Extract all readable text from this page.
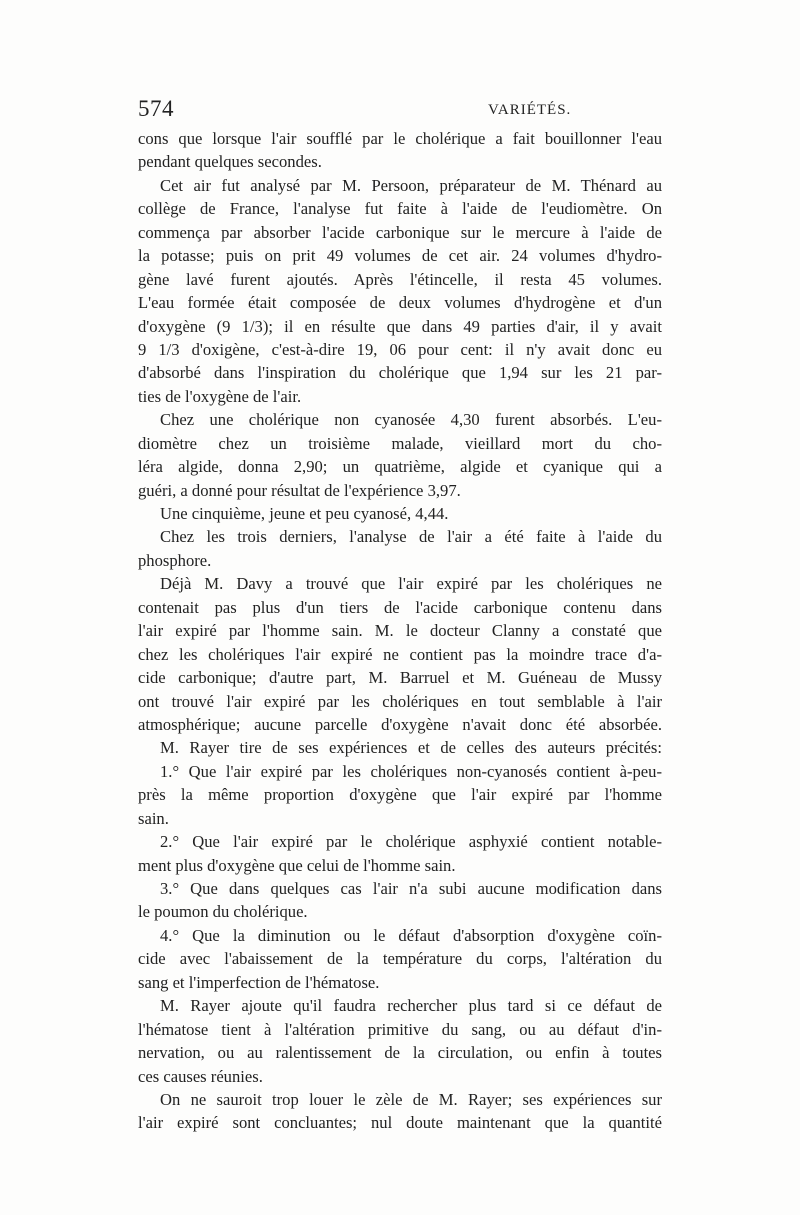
574	VARIÉTÉS.
cons que lorsque l'air soufflé par le cholérique a fait bouillonner l'eau
pendant quelques secondes.
Cet air fut analysé par M. Persoon, préparateur de M. Thénard au
collège de France, l'analyse fut faite à l'aide de l'eudiomètre. On
commença par absorber l'acide carbonique sur le mercure à l'aide de
la potasse; puis on prit 49 volumes de cet air. 24 volumes d'hydro-
gène lavé furent ajoutés. Après l'étincelle, il resta 45 volumes.
L'eau formée était composée de deux volumes d'hydrogène et d'un
d'oxygène (9 1/3); il en résulte que dans 49 parties d'air, il y avait
9 1/3 d'oxigène, c'est-à-dire 19, 06 pour cent: il n'y avait donc eu
d'absorbé dans l'inspiration du cholérique que 1,94 sur les 21 par-
ties de l'oxygène de l'air.
Chez une cholérique non cyanosée 4,30 furent absorbés. L'eu-
diomètre chez un troisième malade, vieillard mort du cho-
léra algide, donna 2,90; un quatrième, algide et cyanique qui a
guéri, a donné pour résultat de l'expérience 3,97.
Une cinquième, jeune et peu cyanosé, 4,44.
Chez les trois derniers, l'analyse de l'air a été faite à l'aide du
phosphore.
Déjà M. Davy a trouvé que l'air expiré par les cholériques ne
contenait pas plus d'un tiers de l'acide carbonique contenu dans
l'air expiré par l'homme sain. M. le docteur Clanny a constaté que
chez les cholériques l'air expiré ne contient pas la moindre trace d'a-
cide carbonique; d'autre part, M. Barruel et M. Guéneau de Mussy
ont trouvé l'air expiré par les cholériques en tout semblable à l'air
atmosphérique; aucune parcelle d'oxygène n'avait donc été absorbée.
M. Rayer tire de ses expériences et de celles des auteurs précités:
1.° Que l'air expiré par les cholériques non-cyanosés contient à-peu-
près la même proportion d'oxygène que l'air expiré par l'homme
sain.
2.° Que l'air expiré par le cholérique asphyxié contient notable-
ment plus d'oxygène que celui de l'homme sain.
3.° Que dans quelques cas l'air n'a subi aucune modification dans
le poumon du cholérique.
4.° Que la diminution ou le défaut d'absorption d'oxygène coïn-
cide avec l'abaissement de la température du corps, l'altération du
sang et l'imperfection de l'hématose.
M. Rayer ajoute qu'il faudra rechercher plus tard si ce défaut de
l'hématose tient à l'altération primitive du sang, ou au défaut d'in-
nervation, ou au ralentissement de la circulation, ou enfin à toutes
ces causes réunies.
On ne sauroit trop louer le zèle de M. Rayer; ses expériences sur
l'air expiré sont concluantes; nul doute maintenant que la quantité
